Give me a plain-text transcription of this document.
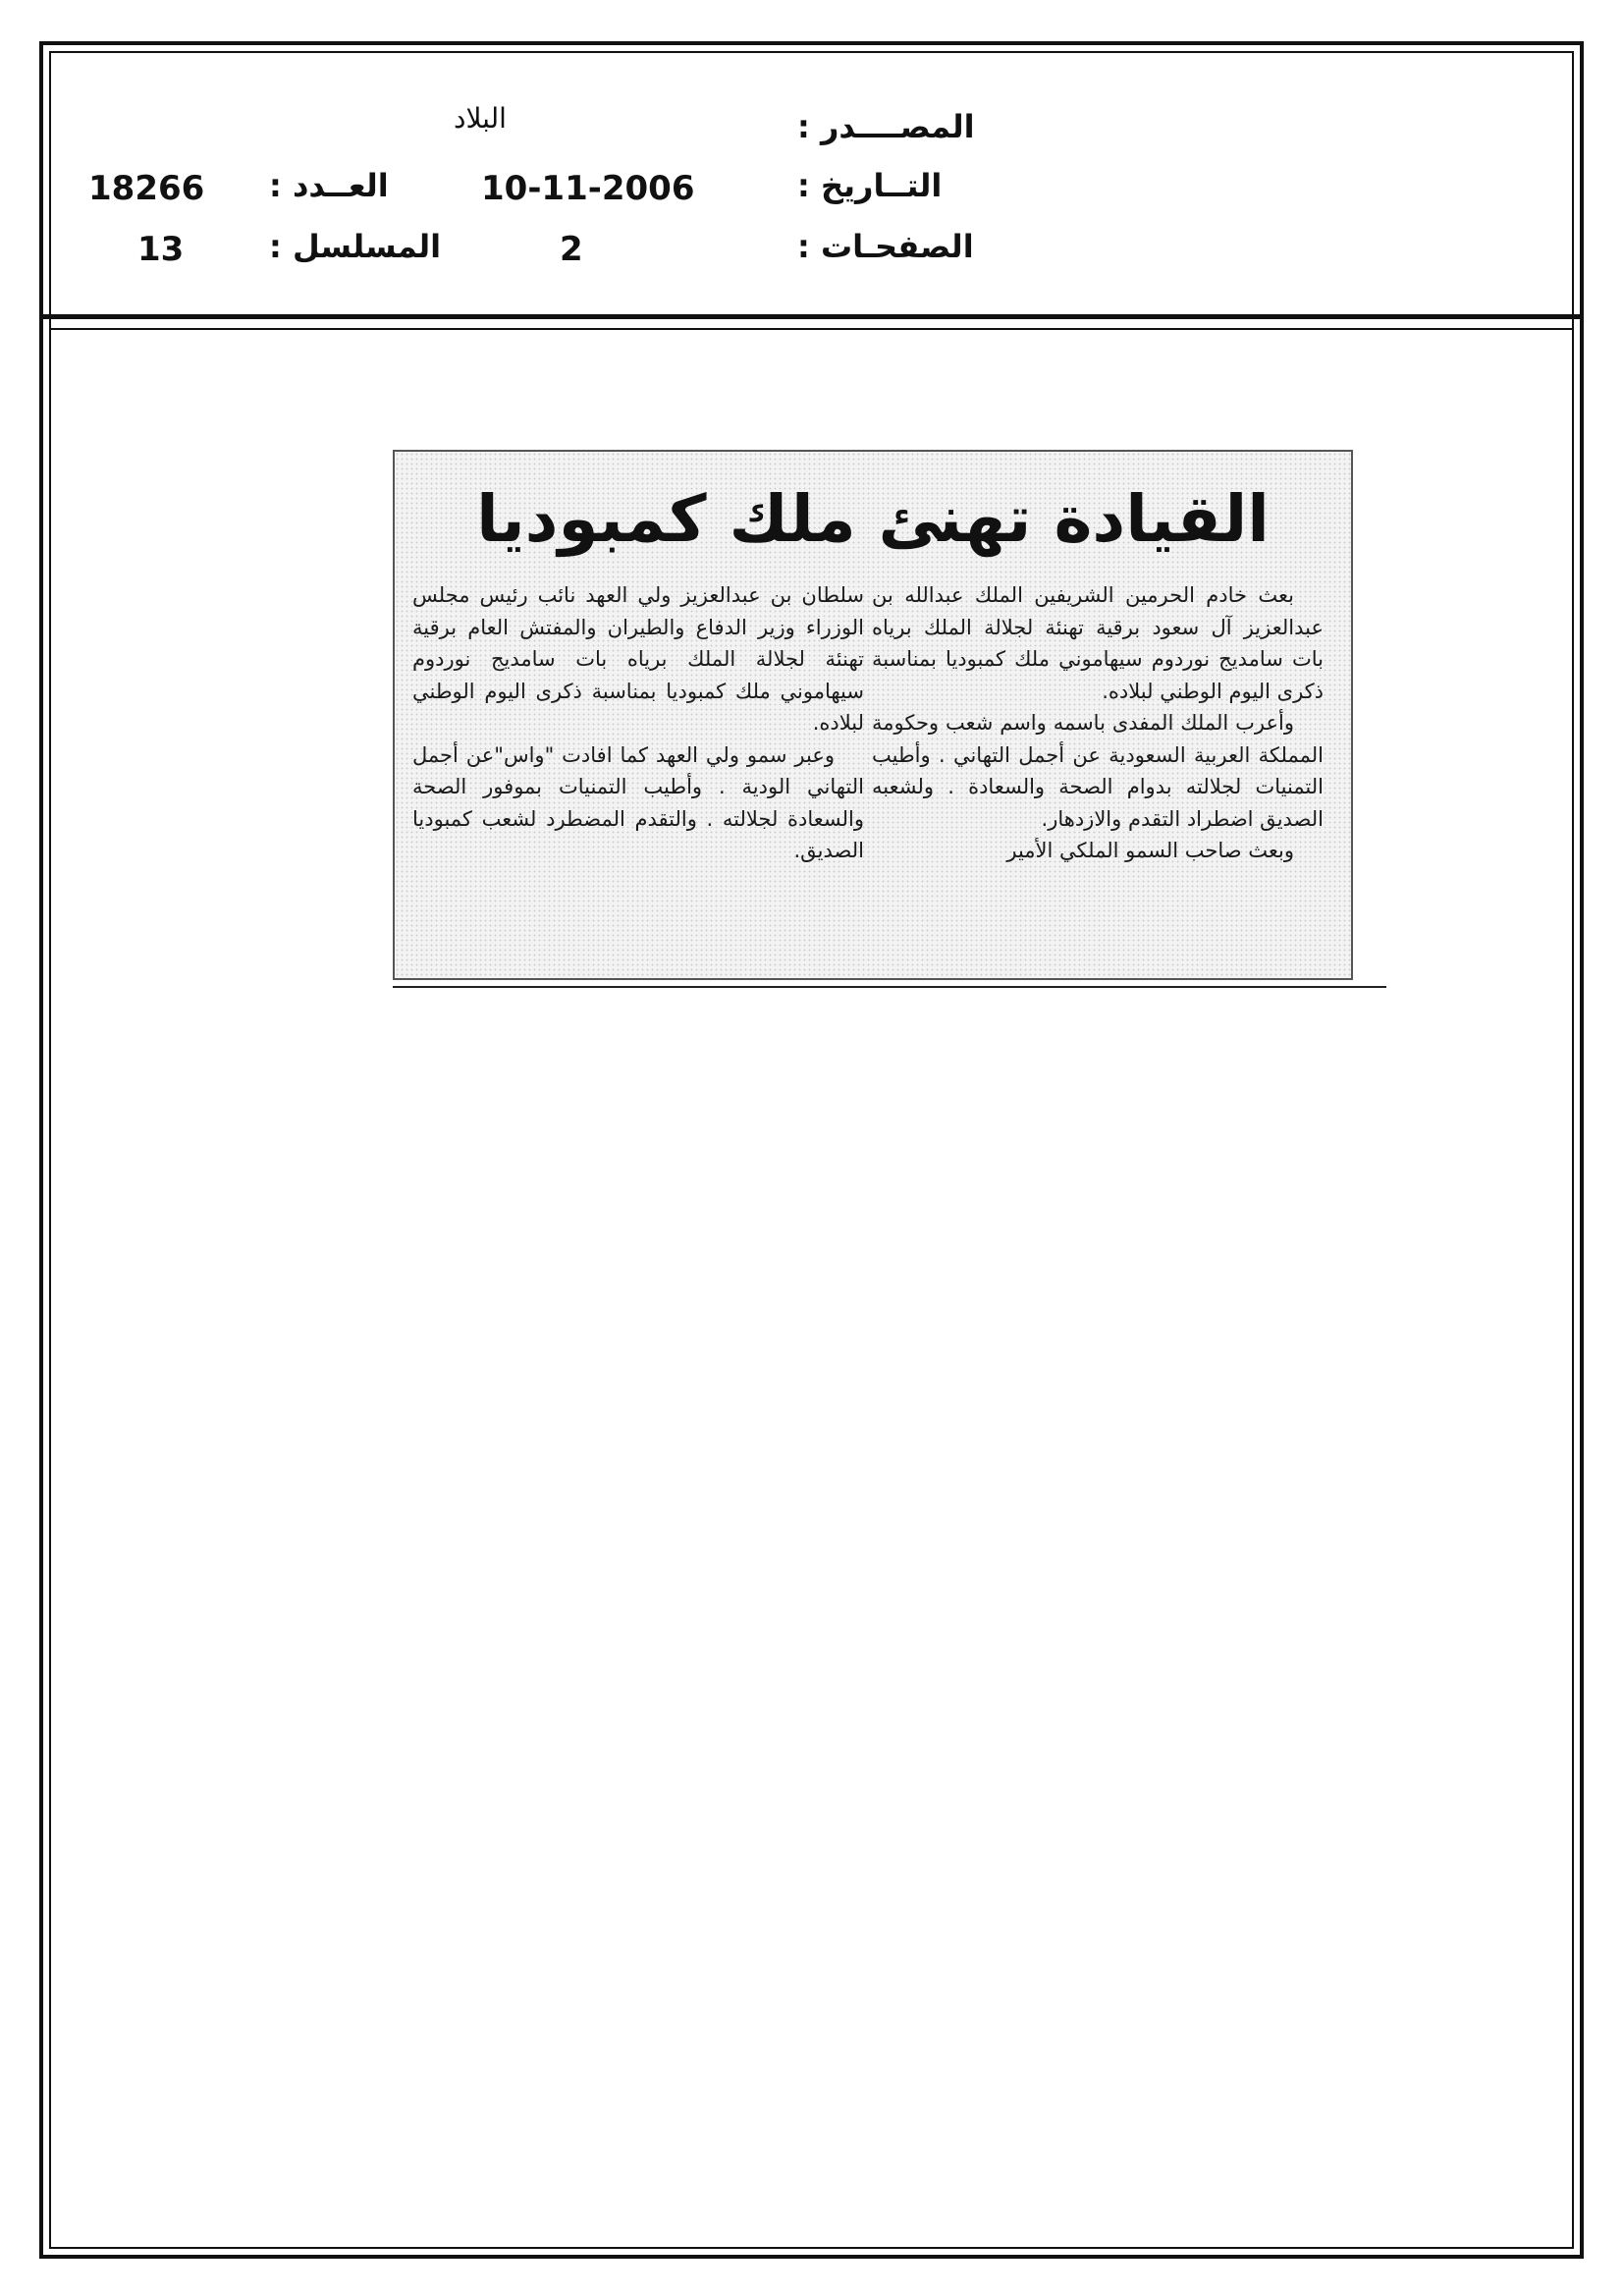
المصــــدر :
البلاد
التــاريخ :
10-11-2006
العــدد :
18266
الصفحـات :
2
المسلسل :
13
القيادة تهنئ ملك كمبوديا

بعث خادم الحرمين الشريفين الملك عبدالله بن عبدالعزيز آل سعود برقية تهنئة لجلالة الملك برياه بات سامديج نوردوم سيهاموني ملك كمبوديا بمناسبة ذكرى اليوم الوطني لبلاده.

وأعرب الملك المفدى باسمه واسم شعب وحكومة المملكة العربية السعودية عن أجمل التهاني . وأطيب التمنيات لجلالته بدوام الصحة والسعادة . ولشعبه الصديق اضطراد التقدم والازدهار.

وبعث صاحب السمو الملكي الأمير

سلطان بن عبدالعزيز ولي العهد نائب رئيس مجلس الوزراء وزير الدفاع والطيران والمفتش العام برقية تهنئة لجلالة الملك برياه بات سامديج نوردوم سيهاموني ملك كمبوديا بمناسبة ذكرى اليوم الوطني لبلاده.

وعبر سمو ولي العهد كما افادت "واس"عن أجمل التهاني الودية . وأطيب التمنيات بموفور الصحة والسعادة لجلالته . والتقدم المضطرد لشعب كمبوديا الصديق.
